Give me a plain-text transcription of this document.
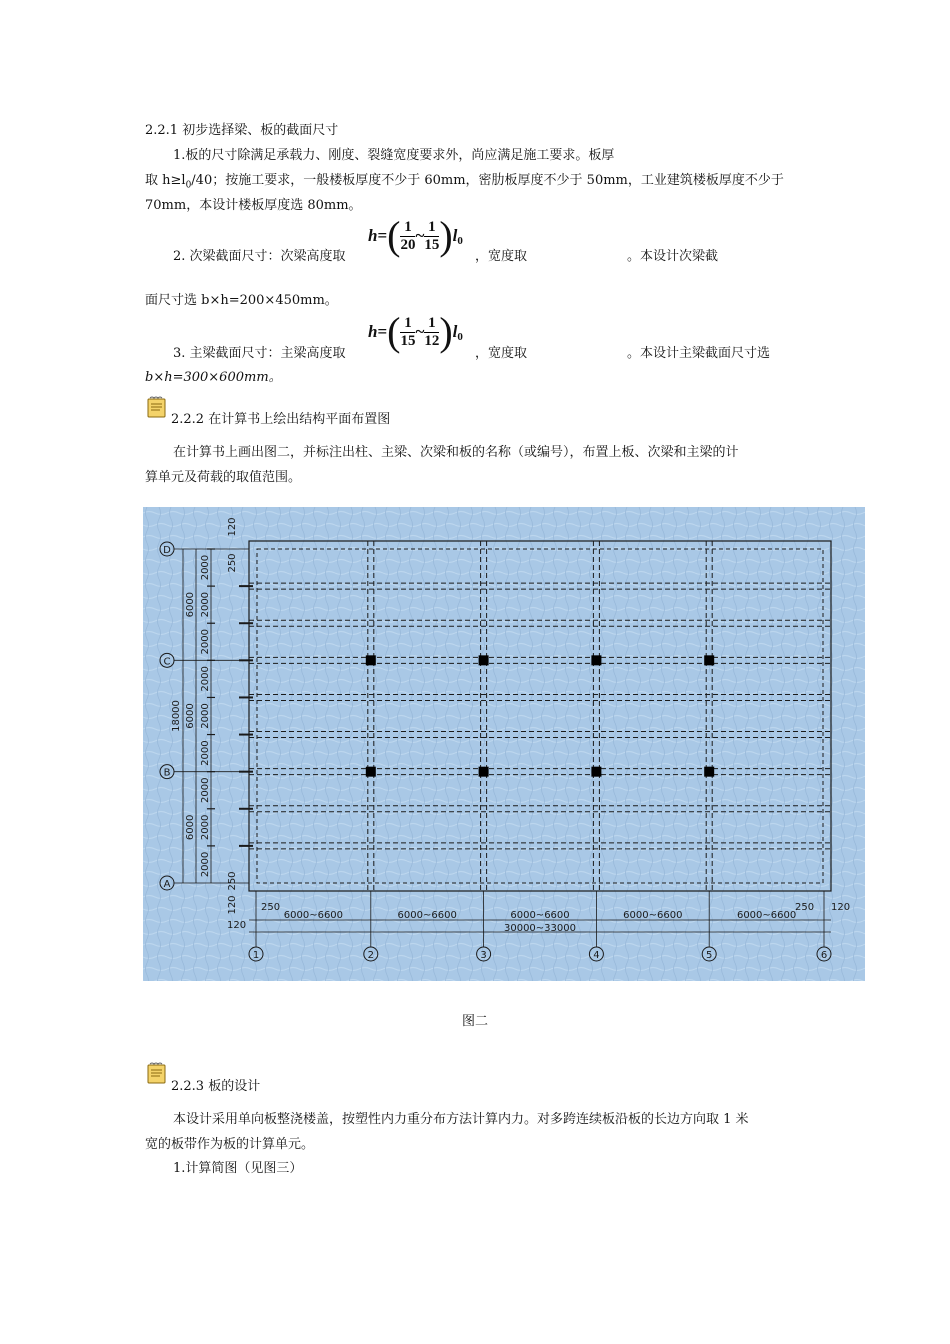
2.2.1 初步选择梁、板的截面尺寸
1.板的尺寸除满足承载力、刚度、裂缝宽度要求外，尚应满足施工要求。板厚
取 $h\ge l_0/40$；按施工要求，一般楼板厚度不少于 60mm，密肋板厚度不少于 50mm，工业建筑楼板厚度不少于
70mm，本设计楼板厚度选 80mm。
$h=( \frac{1}{20}$ ~ $\frac{1}{15} )l_0$
2. 次梁截面尺寸：次梁高度取	，宽度取	。本设计次梁截
面尺寸选 b×h=200×450mm。
$h=( \frac{1}{15}$ ~ $\frac{1}{12} )l_0$
3. 主梁截面尺寸：主梁高度取	，宽度取	。本设计主梁截面尺寸选
b×h=300×600mm。
2.2.2 在计算书上绘出结构平面布置图
在计算书上画出图二，并标注出柱、主梁、次梁和板的名称（或编号），布置上板、次梁和主梁的计
算单元及荷载的取值范围。
D
C
B
A
18000
6000
6000
6000
2000
2000
2000
2000
2000
2000
2000
2000
2000
250
250
120
120
1	2	3	4	5	6
6000~6600	6000~6600	6000~6600	6000~6600	6000~6600
30000~33000
250
120
250 120
图二
2.2.3 板的设计
本设计采用单向板整浇楼盖，按塑性内力重分布方法计算内力。对多跨连续板沿板的长边方向取 1 米
宽的板带作为板的计算单元。
1.计算简图（见图三）
